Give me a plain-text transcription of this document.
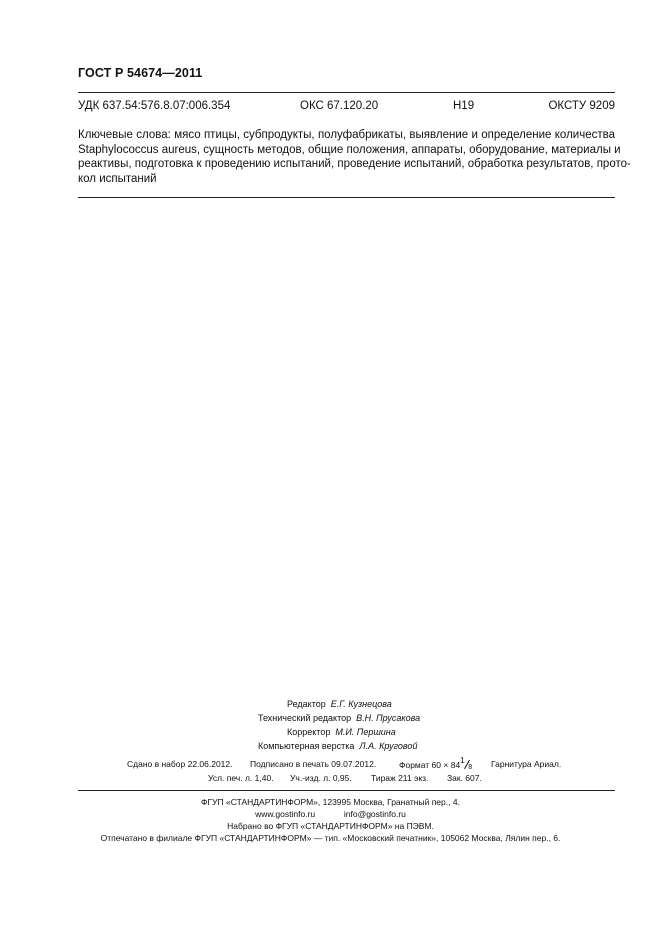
ГОСТ Р 54674—2011
УДК 637.54:576.8.07:006.354	ОКС 67.120.20	Н19	ОКСТУ 9209
Ключевые слова: мясо птицы, субпродукты, полуфабрикаты, выявление и определение количества
Staphylococcus aureus, сущность методов, общие положения, аппараты, оборудование, материалы и
реактивы, подготовка к проведению испытаний, проведение испытаний, обработка результатов, прото-
кол испытаний
Редактор Е.Г. Кузнецова
Технический редактор В.Н. Прусакова
Корректор М.И. Першина
Компьютерная верстка Л.А. Круговой
Сдано в набор 22.06.2012. Подписано в печать 09.07.2012.	Формат 60 × 84 1
8 Гарнитура Ариал.
Усл. печ. л. 1,40. Уч.-изд. л. 0,95. Тираж 211 экз. Зак. 607.
ФГУП «СТАНДАРТИНФОРМ», 123995 Москва, Гранатный пер., 4.
www.gostinfo.ru	info@gostinfo.ru
Набрано во ФГУП «СТАНДАРТИНФОРМ» на ПЭВМ.
Отпечатано в филиале ФГУП «СТАНДАРТИНФОРМ» — тип. «Московский печатник», 105062 Москва, Лялин пер., 6.
